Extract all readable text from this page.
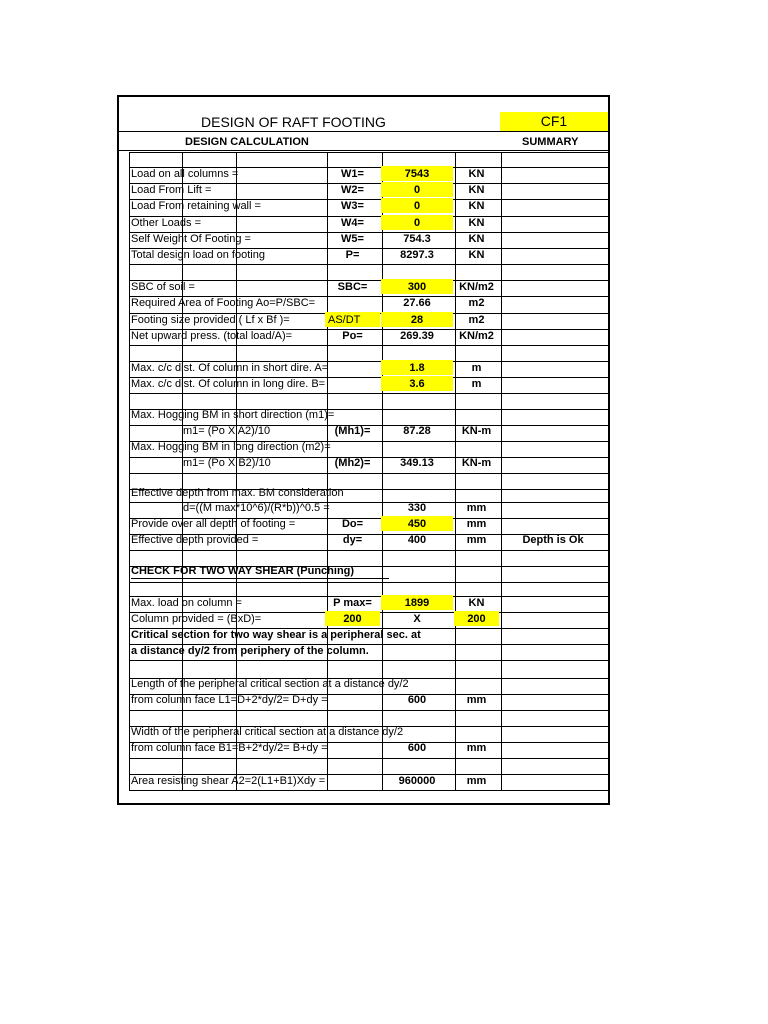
DESIGN OF RAFT FOOTING	CF1
DESIGN CALCULATION	SUMMARY
Load on all columns =	W1=	7543	KN
Load From Lift =	W2=	0	KN
Load From retaining wall =	W3=	0	KN
Other Loads =	W4=	0	KN
Self Weight Of Footing =	W5=	754.3	KN
Total design load on footing	P=	8297.3	KN
SBC of soil =	SBC=	300	KN/m2
Required Area of Footing Ao=P/SBC=	27.66	m2
Footing size provided ( Lf x Bf )=	AS/DT	28	m2
Net upward press. (total load/A)=	Po=	269.39	KN/m2
Max. c/c dist. Of column in short dire. A=	1.8	m
Max. c/c dist. Of column in long dire. B=	3.6	m
Max. Hogging BM in short direction (m1)=
m1= (Po X A2)/10	(Mh1)=	87.28	KN-m
Max. Hogging BM in long direction (m2)=
m1= (Po X B2)/10	(Mh2)=	349.13	KN-m
Effective depth from max. BM consideration
d=((M max*10^6)/(R*b))^0.5 =	330	mm
Provide over all depth of footing =	Do=	450	mm
Effective depth provided =	dy=	400	mm	Depth is Ok
CHECK FOR TWO WAY SHEAR (Punching)
Max. load on column =	P max=	1899	KN
Column provided = (BxD)=	200	X	200
Critical section for two way shear is a peripheral sec. at
a distance dy/2 from periphery of the column.
Length of the peripheral critical section at a distance dy/2
from column face L1=D+2*dy/2= D+dy =	600	mm
Width of the peripheral critical section at a distance dy/2
from column face B1=B+2*dy/2= B+dy =	600	mm
Area resisting shear A2=2(L1+B1)Xdy =	960000	mm
